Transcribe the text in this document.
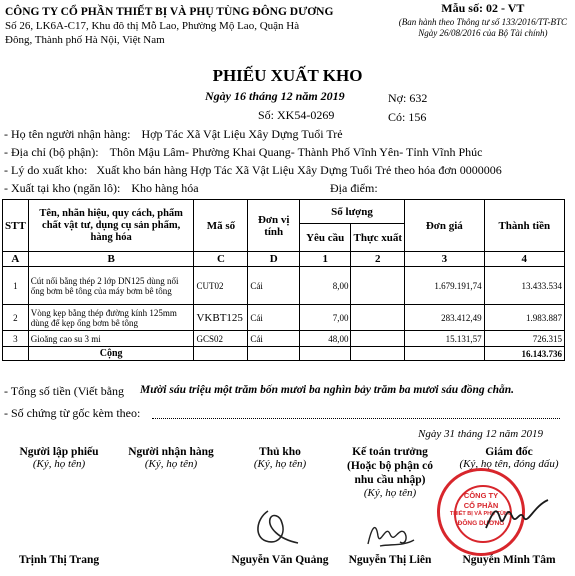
CÔNG TY CỔ PHẦN THIẾT BỊ VÀ PHỤ TÙNG ĐÔNG DƯƠNG
Số 26, LK6A-C17, Khu đô thị Mỗ Lao, Phường Mộ Lao, Quận Hà
Đông, Thành phố Hà Nội, Việt Nam
Mẫu số: 02 - VT
(Ban hành theo Thông tư số 133/2016/TT-BTC
Ngày 26/08/2016 của Bộ Tài chính)
PHIẾU XUẤT KHO
Ngày 16 tháng 12 năm 2019
Số: XK54-0269
Nợ: 632
Có: 156
- Họ tên người nhận hàng: Hợp Tác Xã Vật Liệu Xây Dựng Tuổi Trẻ
- Địa chỉ (bộ phận): Thôn Mậu Lâm- Phường Khai Quang- Thành Phố Vĩnh Yên- Tỉnh Vĩnh Phúc
- Lý do xuất kho: Xuất kho bán hàng Hợp Tác Xã Vật Liệu Xây Dựng Tuổi Trẻ theo hóa đơn 0000006
- Xuất tại kho (ngăn lô): Kho hàng hóa	Địa điểm:
STT	Tên, nhãn hiệu, quy cách, phẩm chất vật tư, dụng cụ sản phẩm, hàng hóa	Mã số	Đơn vị tính	Số lượng		Đơn giá	Thành tiền
				Yêu cầu	Thực xuất		
A	B	C	D	1	2	3	4
1	Cút nối bằng thép 2 lớp DN125 dùng nối ống bơm bê tông của máy bơm bê tông	CUT02	Cái	8,00		1.679.191,74	13.433.534
2	Vòng kẹp bằng thép đường kính 125mm dùng để kẹp ống bơm bê tông	VKBT125	Cái	7,00		283.412,49	1.983.887
3	Gioăng cao su 3 mi	GCS02	Cái	48,00		15.131,57	726.315
	Cộng						16.143.736
- Tổng số tiền (Viết bằng Mười sáu triệu một trăm bốn mươi ba nghìn bảy trăm ba mươi sáu đồng chẵn.
- Số chứng từ gốc kèm theo:
Ngày 31 tháng 12 năm 2019
Người lập phiếu
(Ký, họ tên)
Trịnh Thị Trang
Người nhận hàng
(Ký, họ tên)
Thủ kho
(Ký, họ tên)
Nguyễn Văn Quảng
Kế toán trưởng
(Hoặc bộ phận có nhu cầu nhập)
(Ký, họ tên)
Nguyễn Thị Liên
Giám đốc
(Ký, họ tên, đóng dấu)
Nguyễn Minh Tâm
CÔNG TY
CỔ PHẦN
THIẾT BỊ VÀ PHỤ TÙNG
ĐÔNG DƯƠNG
